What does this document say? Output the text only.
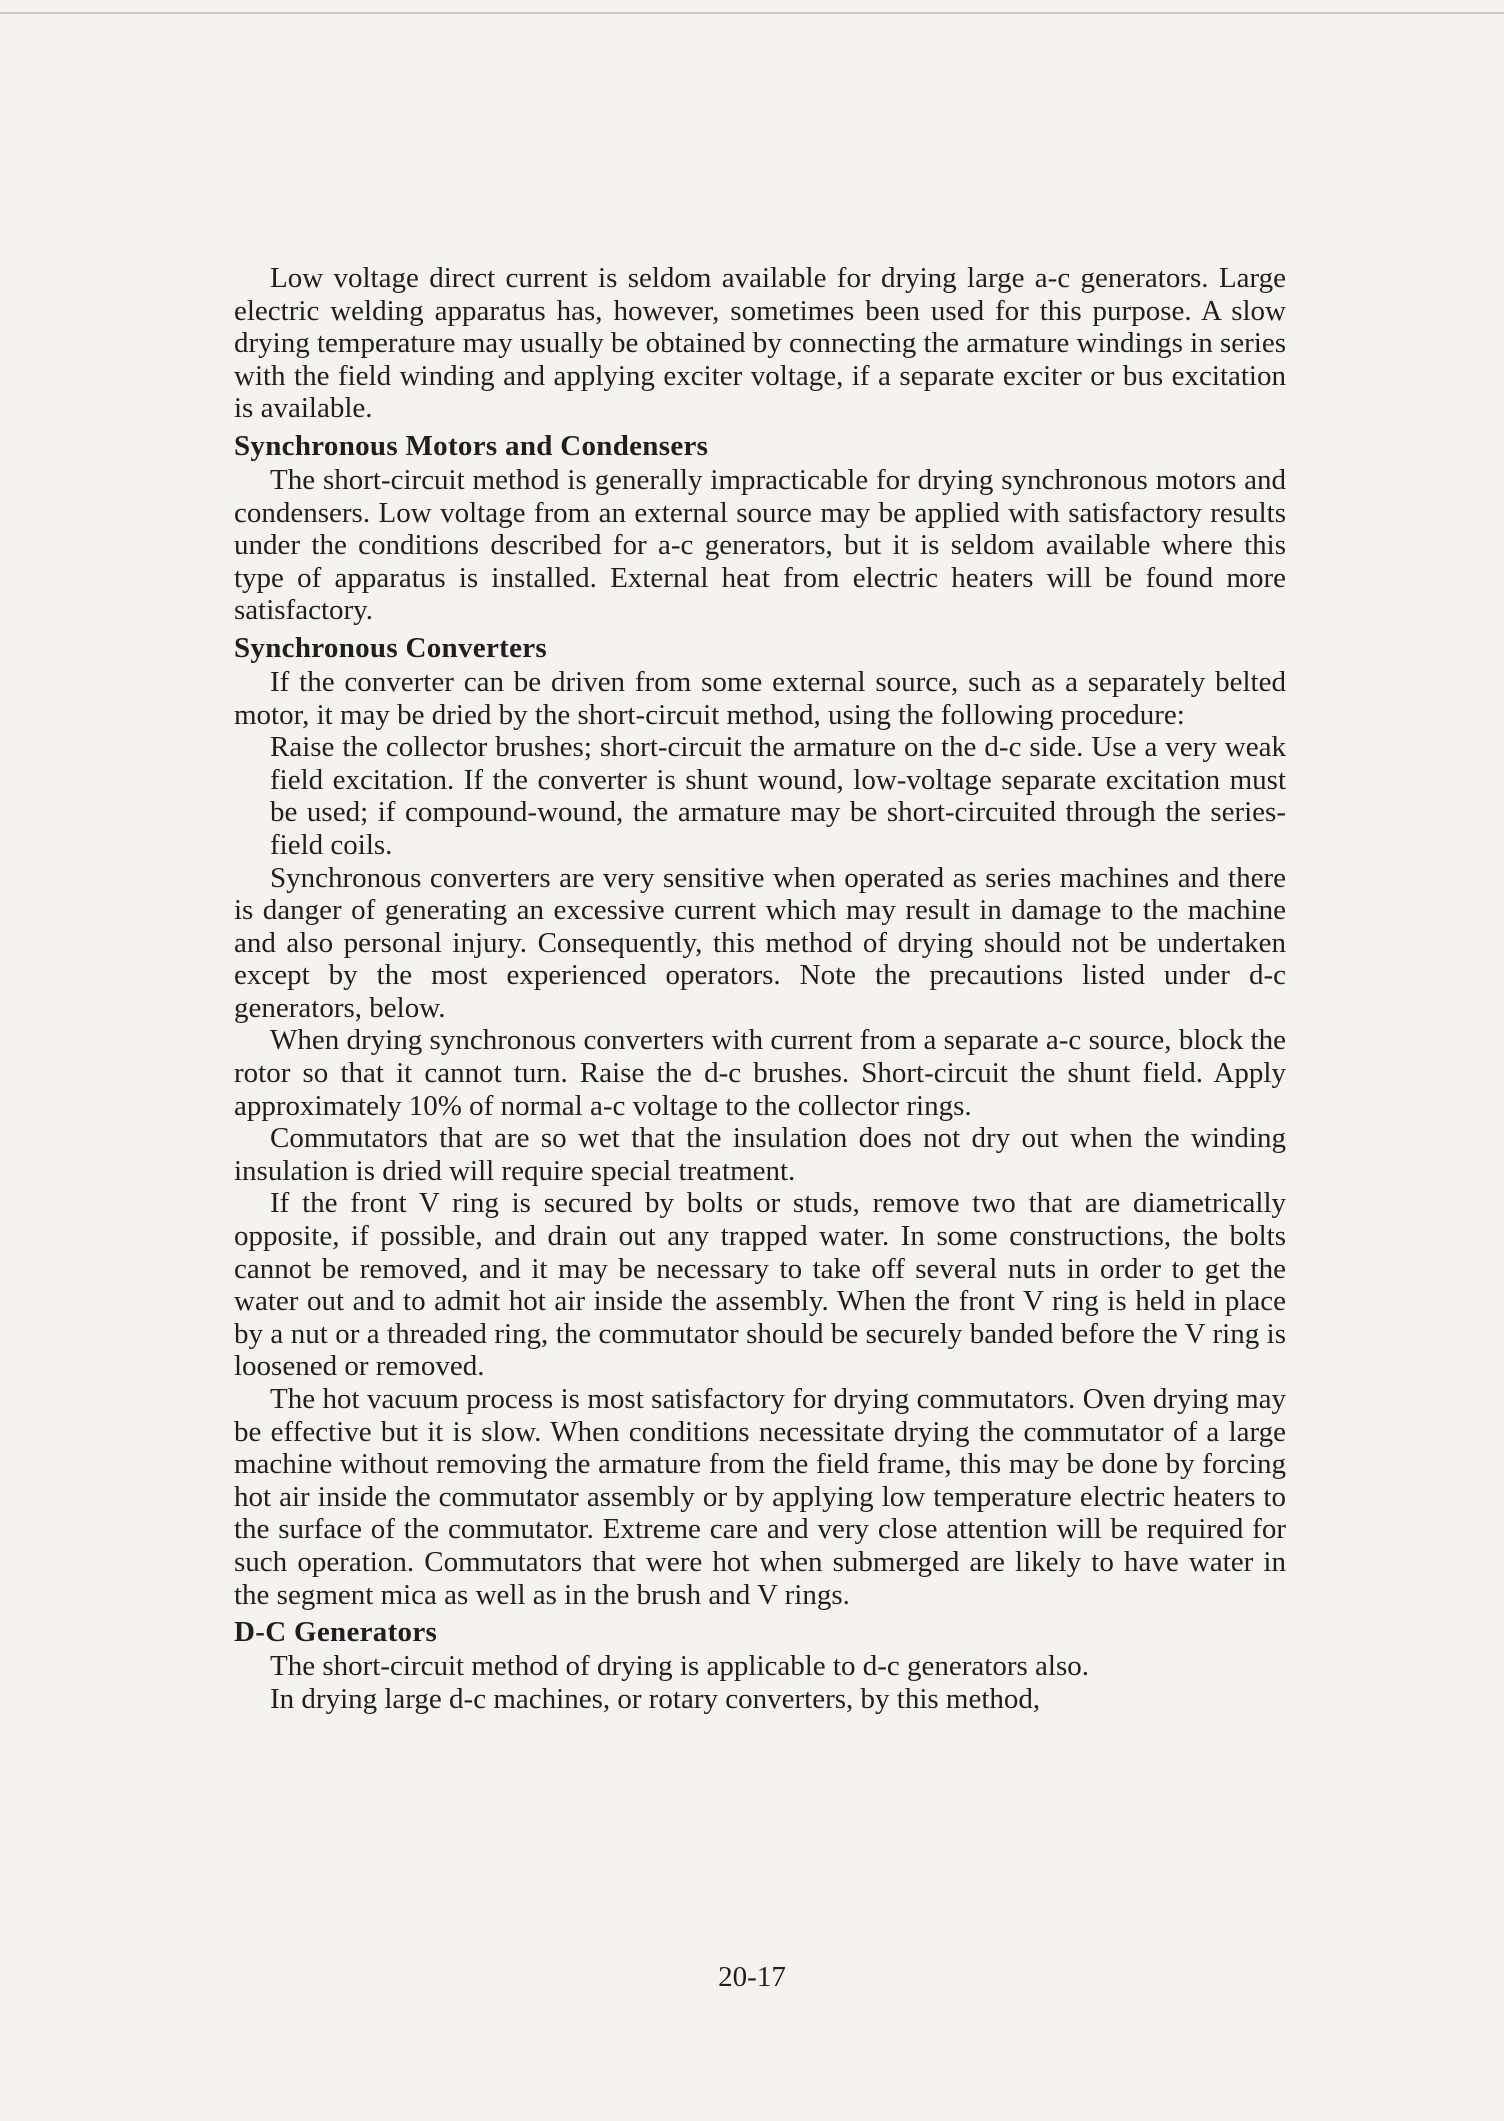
Low voltage direct current is seldom available for drying large a-c generators. Large electric welding apparatus has, however, sometimes been used for this purpose. A slow drying temperature may usually be obtained by connecting the armature windings in series with the field winding and applying exciter voltage, if a separate exciter or bus excitation is available.

Synchronous Motors and Condensers

The short-circuit method is generally impracticable for drying synchronous motors and condensers. Low voltage from an external source may be applied with satisfactory results under the conditions described for a-c generators, but it is seldom available where this type of apparatus is installed. External heat from electric heaters will be found more satisfactory.

Synchronous Converters

If the converter can be driven from some external source, such as a separately belted motor, it may be dried by the short-circuit method, using the following procedure:

Raise the collector brushes; short-circuit the armature on the d-c side. Use a very weak field excitation. If the converter is shunt wound, low-voltage separate excitation must be used; if compound-wound, the armature may be short-circuited through the series-field coils.

Synchronous converters are very sensitive when operated as series machines and there is danger of generating an excessive current which may result in damage to the machine and also personal injury. Consequently, this method of drying should not be undertaken except by the most experienced operators. Note the precautions listed under d-c generators, below.

When drying synchronous converters with current from a separate a-c source, block the rotor so that it cannot turn. Raise the d-c brushes. Short-circuit the shunt field. Apply approximately 10% of normal a-c voltage to the collector rings.

Commutators that are so wet that the insulation does not dry out when the winding insulation is dried will require special treatment.

If the front V ring is secured by bolts or studs, remove two that are diametrically opposite, if possible, and drain out any trapped water. In some constructions, the bolts cannot be removed, and it may be necessary to take off several nuts in order to get the water out and to admit hot air inside the assembly. When the front V ring is held in place by a nut or a threaded ring, the commutator should be securely banded before the V ring is loosened or removed.

The hot vacuum process is most satisfactory for drying commutators. Oven drying may be effective but it is slow. When conditions necessitate drying the commutator of a large machine without removing the armature from the field frame, this may be done by forcing hot air inside the commutator assembly or by applying low temperature electric heaters to the surface of the commutator. Extreme care and very close attention will be required for such operation. Commutators that were hot when submerged are likely to have water in the segment mica as well as in the brush and V rings.

D-C Generators

The short-circuit method of drying is applicable to d-c generators also.

In drying large d-c machines, or rotary converters, by this method,

20-17
